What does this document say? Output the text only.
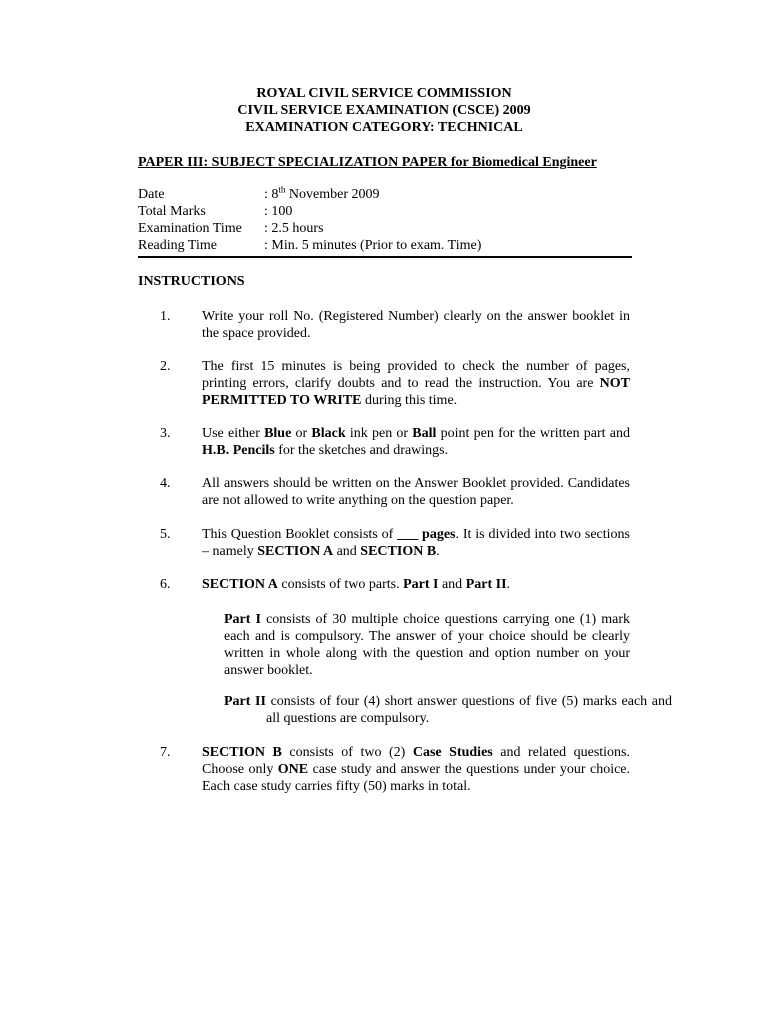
ROYAL CIVIL SERVICE COMMISSION
CIVIL SERVICE EXAMINATION (CSCE) 2009
EXAMINATION CATEGORY: TECHNICAL
PAPER III: SUBJECT SPECIALIZATION PAPER for Biomedical Engineer
Date	: 8th November 2009
Total Marks	: 100
Examination Time	: 2.5 hours
Reading Time	: Min. 5 minutes (Prior to exam. Time)
INSTRUCTIONS
1. Write your roll No. (Registered Number) clearly on the answer booklet in the space provided.
2. The first 15 minutes is being provided to check the number of pages, printing errors, clarify doubts and to read the instruction. You are NOT PERMITTED TO WRITE during this time.
3. Use either Blue or Black ink pen or Ball point pen for the written part and H.B. Pencils for the sketches and drawings.
4. All answers should be written on the Answer Booklet provided. Candidates are not allowed to write anything on the question paper.
5. This Question Booklet consists of ___ pages. It is divided into two sections – namely SECTION A and SECTION B.
6. SECTION A consists of two parts. Part I and Part II.
Part I consists of 30 multiple choice questions carrying one (1) mark each and is compulsory. The answer of your choice should be clearly written in whole along with the question and option number on your answer booklet.
Part II consists of four (4) short answer questions of five (5) marks each and all questions are compulsory.
7. SECTION B consists of two (2) Case Studies and related questions. Choose only ONE case study and answer the questions under your choice. Each case study carries fifty (50) marks in total.
